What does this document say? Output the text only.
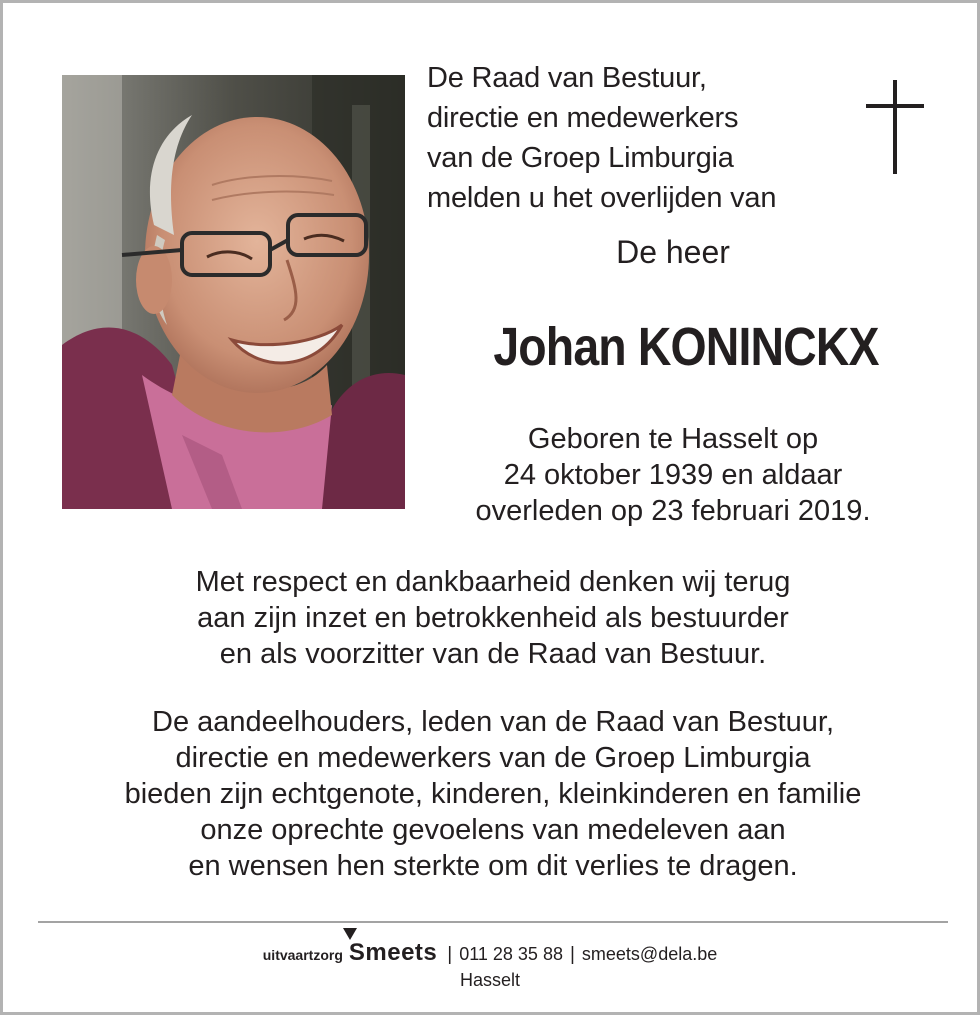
De Raad van Bestuur,
directie en medewerkers
van de Groep Limburgia
melden u het overlijden van

De heer

Johan KONINCKX
Geboren te Hasselt op
24 oktober 1939 en aldaar
overleden op 23 februari 2019.
Met respect en dankbaarheid denken wij terug
aan zijn inzet en betrokkenheid als bestuurder
en als voorzitter van de Raad van Bestuur.
De aandeelhouders, leden van de Raad van Bestuur,
directie en medewerkers van de Groep Limburgia
bieden zijn echtgenote, kinderen, kleinkinderen en familie
onze oprechte gevoelens van medeleven aan
en wensen hen sterkte om dit verlies te dragen.
uitvaartzorg Smeets | 011 28 35 88 | smeets@dela.be
Hasselt
